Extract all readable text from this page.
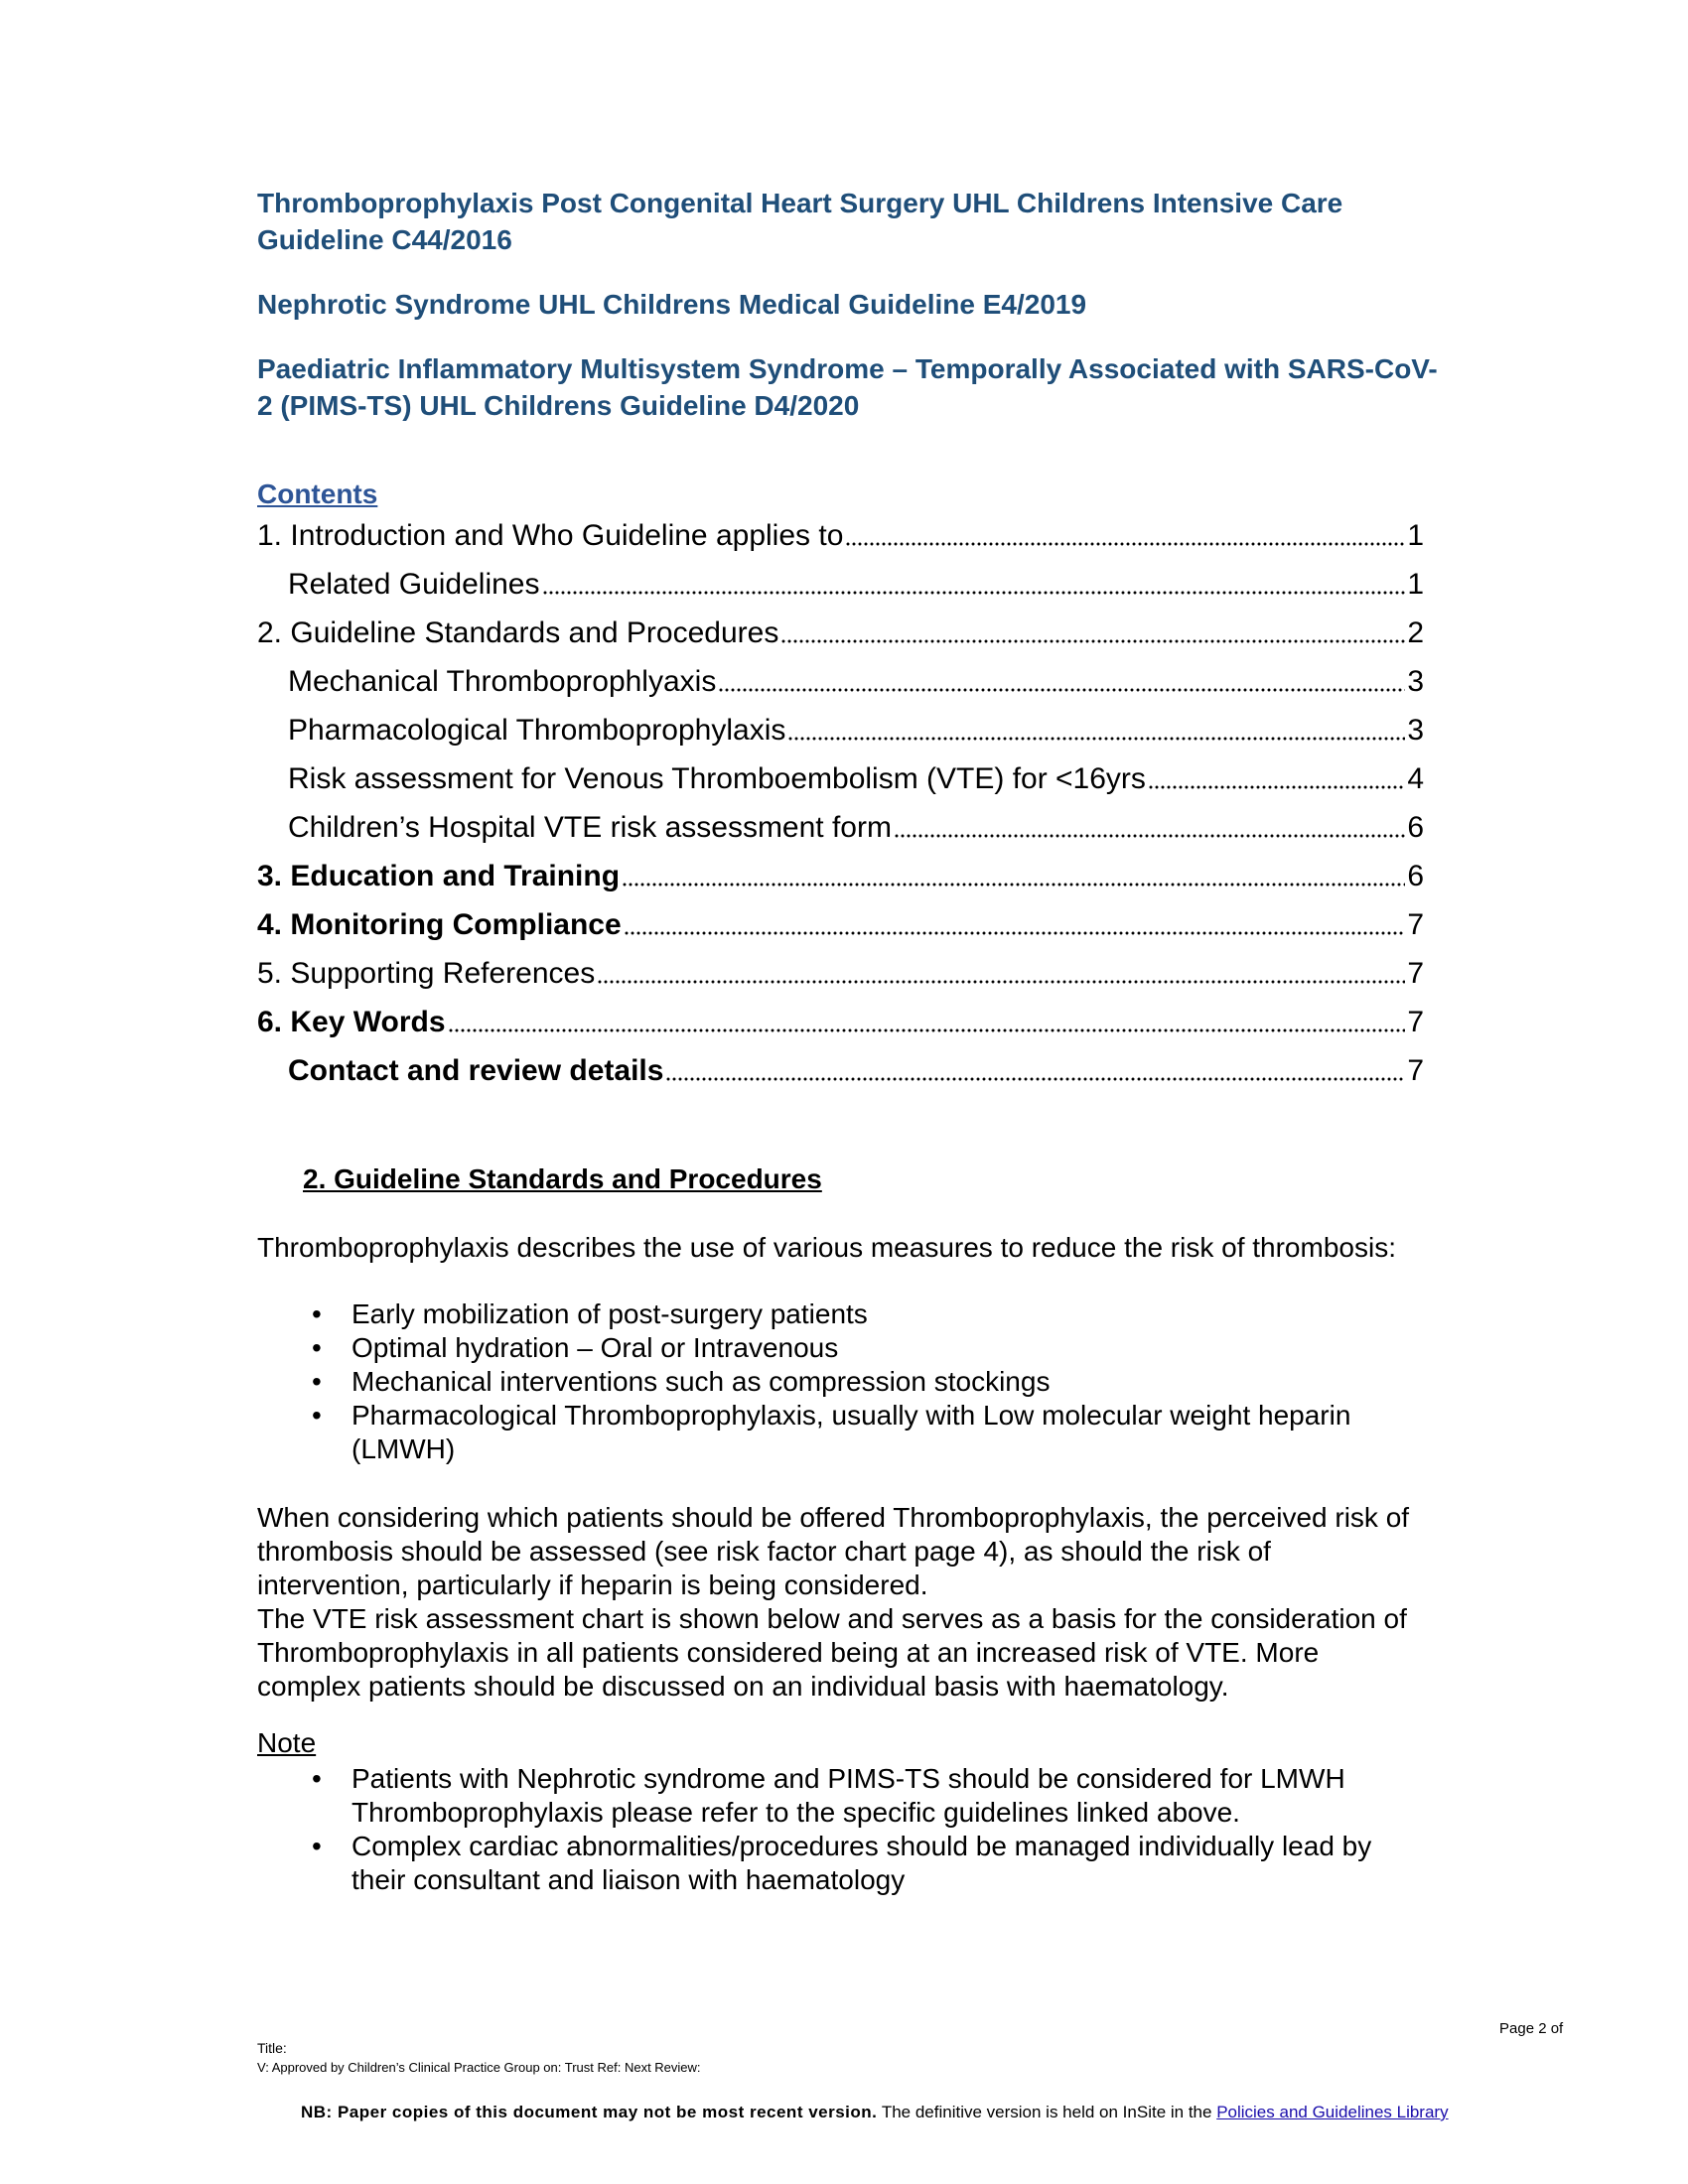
Thromboprophylaxis Post Congenital Heart Surgery UHL Childrens Intensive Care Guideline C44/2016
Nephrotic Syndrome UHL Childrens Medical Guideline E4/2019
Paediatric Inflammatory Multisystem Syndrome – Temporally Associated with SARS-CoV-2 (PIMS-TS) UHL Childrens Guideline D4/2020
Contents
1. Introduction and Who Guideline applies to	1
Related Guidelines	1
2. Guideline Standards and Procedures	2
Mechanical Thromboprophlyaxis	3
Pharmacological Thromboprophylaxis	3
Risk assessment for Venous Thromboembolism (VTE) for <16yrs	4
Children’s Hospital VTE risk assessment form	6
3. Education and Training	6
4. Monitoring Compliance	7
5. Supporting References	7
6. Key Words	7
Contact and review details	7
2. Guideline Standards and Procedures

Thromboprophylaxis describes the use of various measures to reduce the risk of thrombosis:

• Early mobilization of post-surgery patients
• Optimal hydration – Oral or Intravenous
• Mechanical interventions such as compression stockings
• Pharmacological Thromboprophylaxis, usually with Low molecular weight heparin (LMWH)

When considering which patients should be offered Thromboprophylaxis, the perceived risk of thrombosis should be assessed (see risk factor chart page 4), as should the risk of intervention, particularly if heparin is being considered.

The VTE risk assessment chart is shown below and serves as a basis for the consideration of Thromboprophylaxis in all patients considered being at an increased risk of VTE. More complex patients should be discussed on an individual basis with haematology.

Note
• Patients with Nephrotic syndrome and PIMS-TS should be considered for LMWH Thromboprophylaxis please refer to the specific guidelines linked above.
• Complex cardiac abnormalities/procedures should be managed individually lead by their consultant and liaison with haematology
Page 2 of
Title:
V: Approved by Children’s Clinical Practice Group on: Trust Ref: Next Review:
NB: Paper copies of this document may not be most recent version. The definitive version is held on InSite in the Policies and Guidelines Library
